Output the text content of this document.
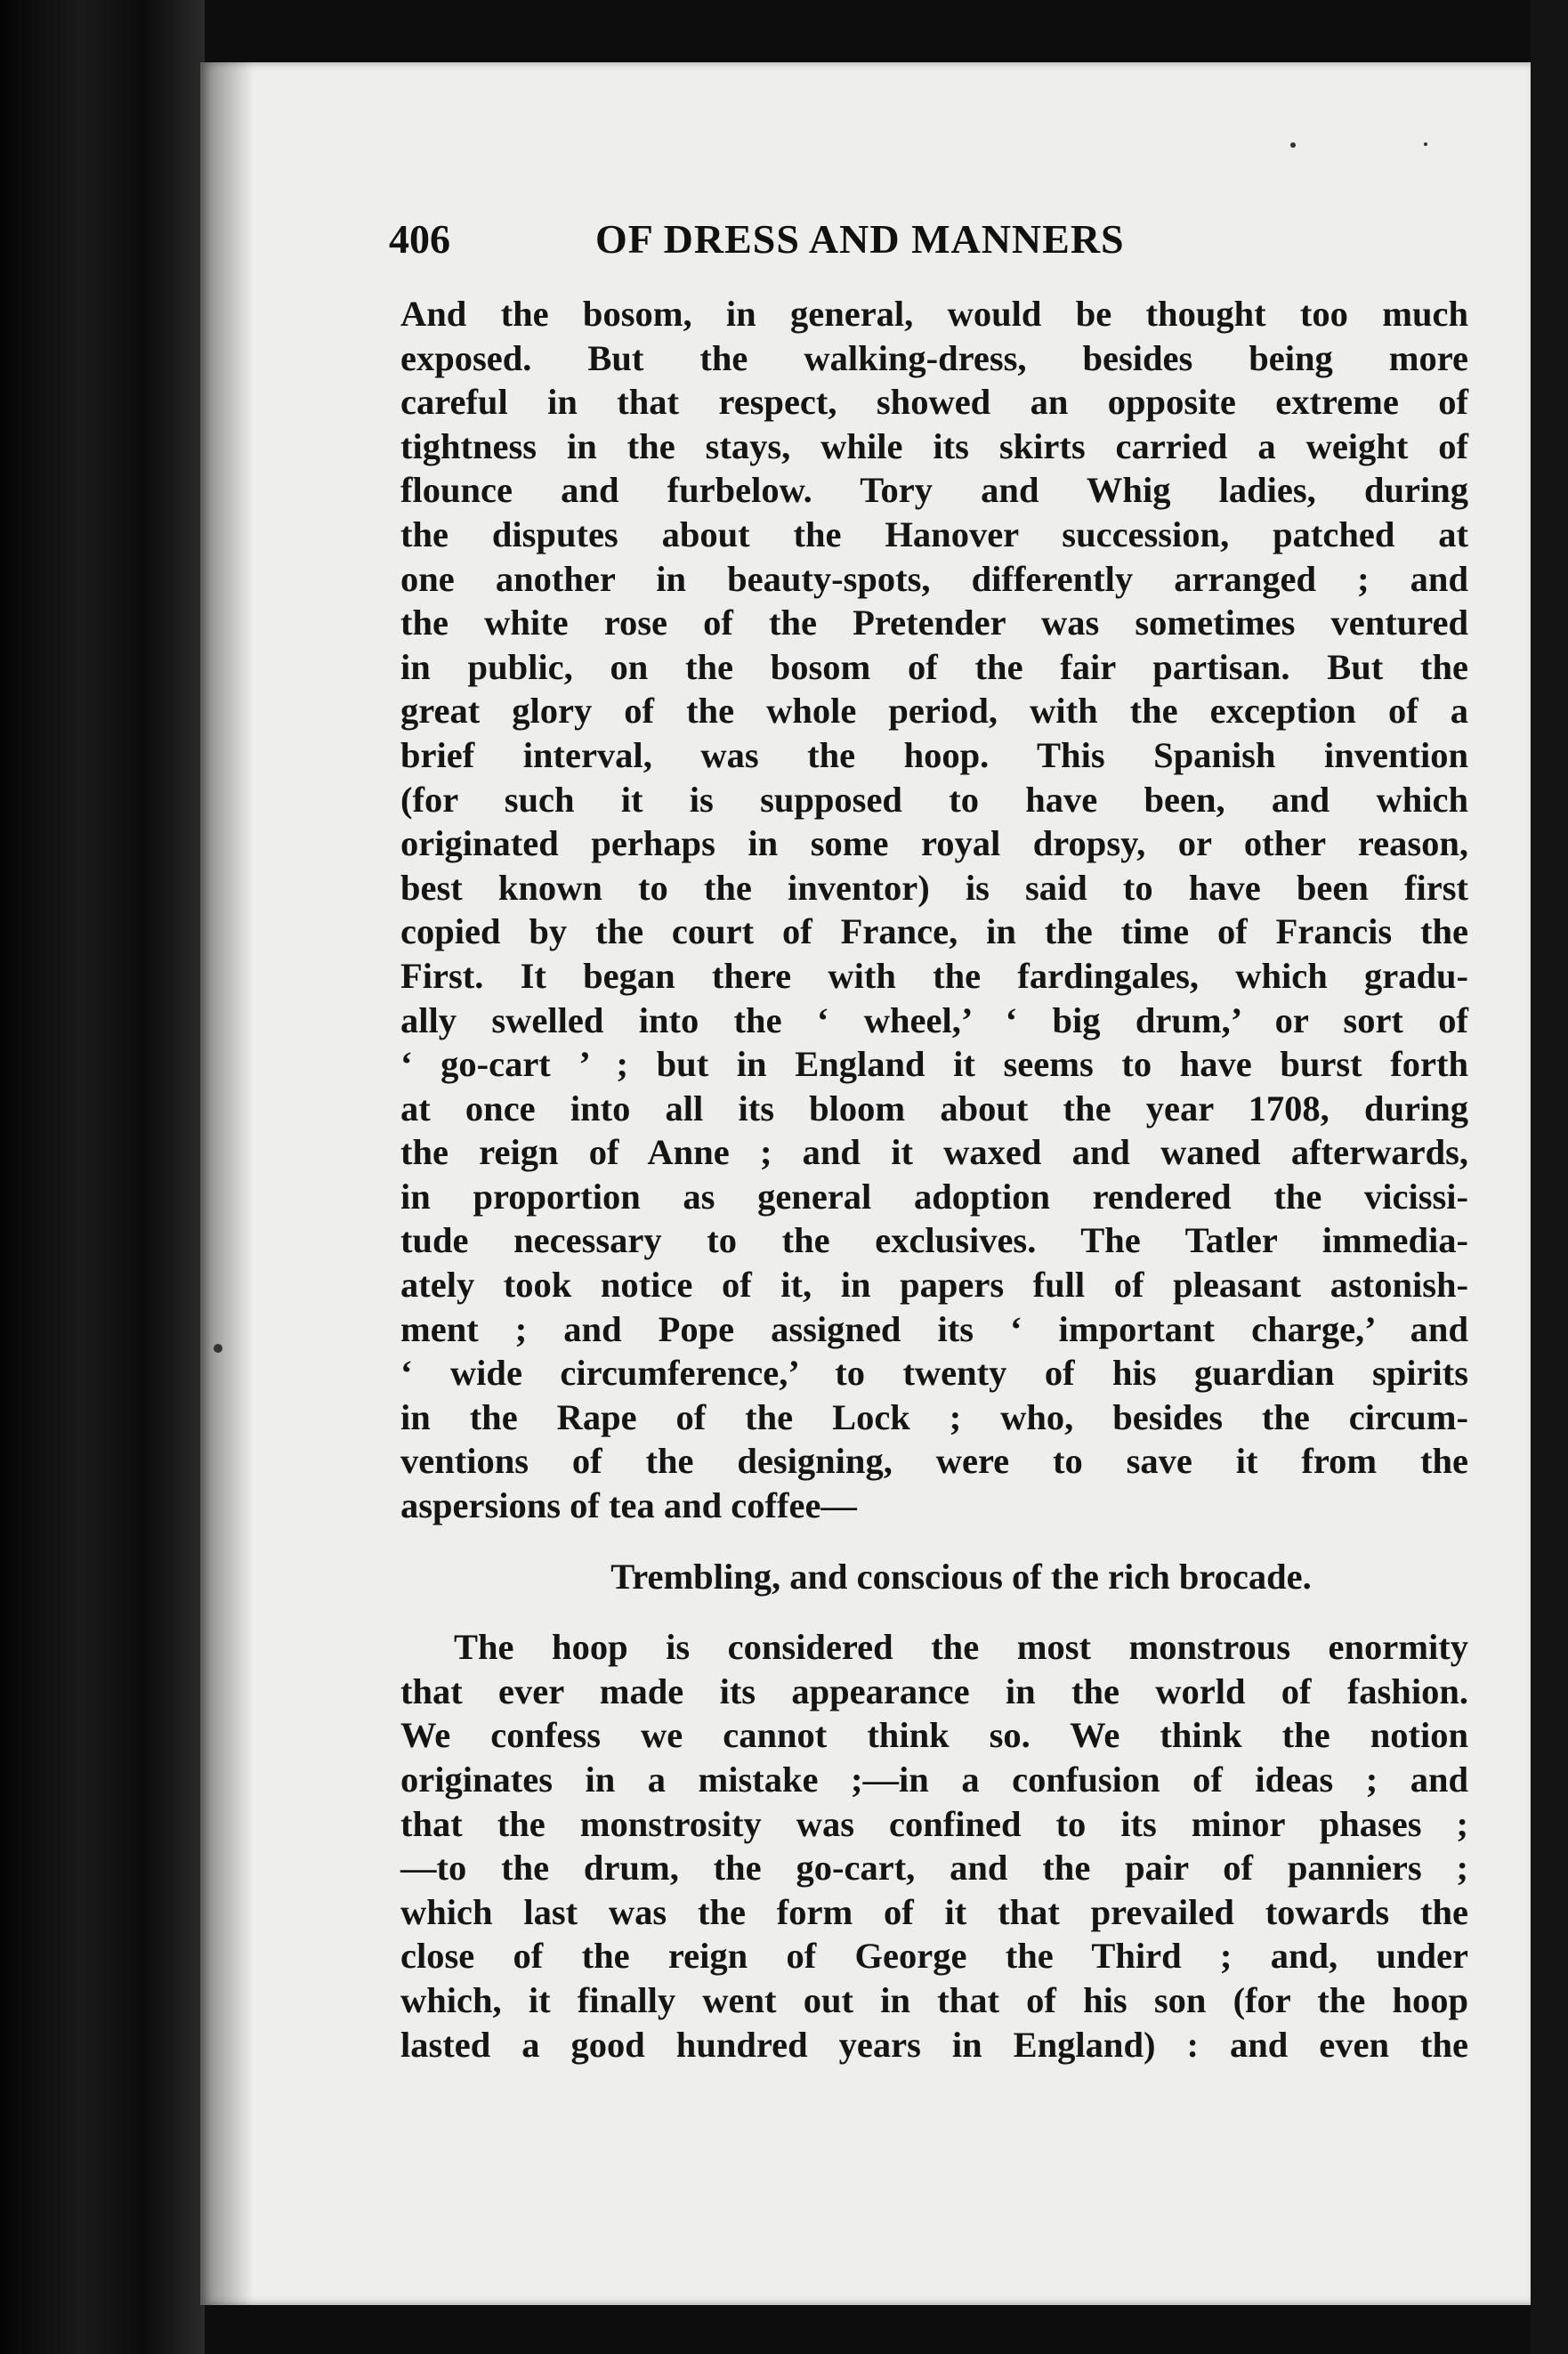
406	OF DRESS AND MANNERS
And the bosom, in general, would be thought too much
exposed. But the walking-dress, besides being more
careful in that respect, showed an opposite extreme of
tightness in the stays, while its skirts carried a weight of
flounce and furbelow. Tory and Whig ladies, during
the disputes about the Hanover succession, patched at
one another in beauty-spots, differently arranged ; and
the white rose of the Pretender was sometimes ventured
in public, on the bosom of the fair partisan. But the
great glory of the whole period, with the exception of a
brief interval, was the hoop. This Spanish invention
(for such it is supposed to have been, and which
originated perhaps in some royal dropsy, or other reason,
best known to the inventor) is said to have been first
copied by the court of France, in the time of Francis the
First. It began there with the fardingales, which gradu-
ally swelled into the ‘ wheel,’ ‘ big drum,’ or sort of
‘ go-cart ’ ; but in England it seems to have burst forth
at once into all its bloom about the year 1708, during
the reign of Anne ; and it waxed and waned afterwards,
in proportion as general adoption rendered the vicissi-
tude necessary to the exclusives. The Tatler immedia-
ately took notice of it, in papers full of pleasant astonish-
ment ; and Pope assigned its ‘ important charge,’ and
‘ wide circumference,’ to twenty of his guardian spirits
in the Rape of the Lock ; who, besides the circum-
ventions of the designing, were to save it from the
aspersions of tea and coffee—
Trembling, and conscious of the rich brocade.
The hoop is considered the most monstrous enormity
that ever made its appearance in the world of fashion.
We confess we cannot think so. We think the notion
originates in a mistake ;—in a confusion of ideas ; and
that the monstrosity was confined to its minor phases ;
—to the drum, the go-cart, and the pair of panniers ;
which last was the form of it that prevailed towards the
close of the reign of George the Third ; and, under
which, it finally went out in that of his son (for the hoop
lasted a good hundred years in England) : and even the
